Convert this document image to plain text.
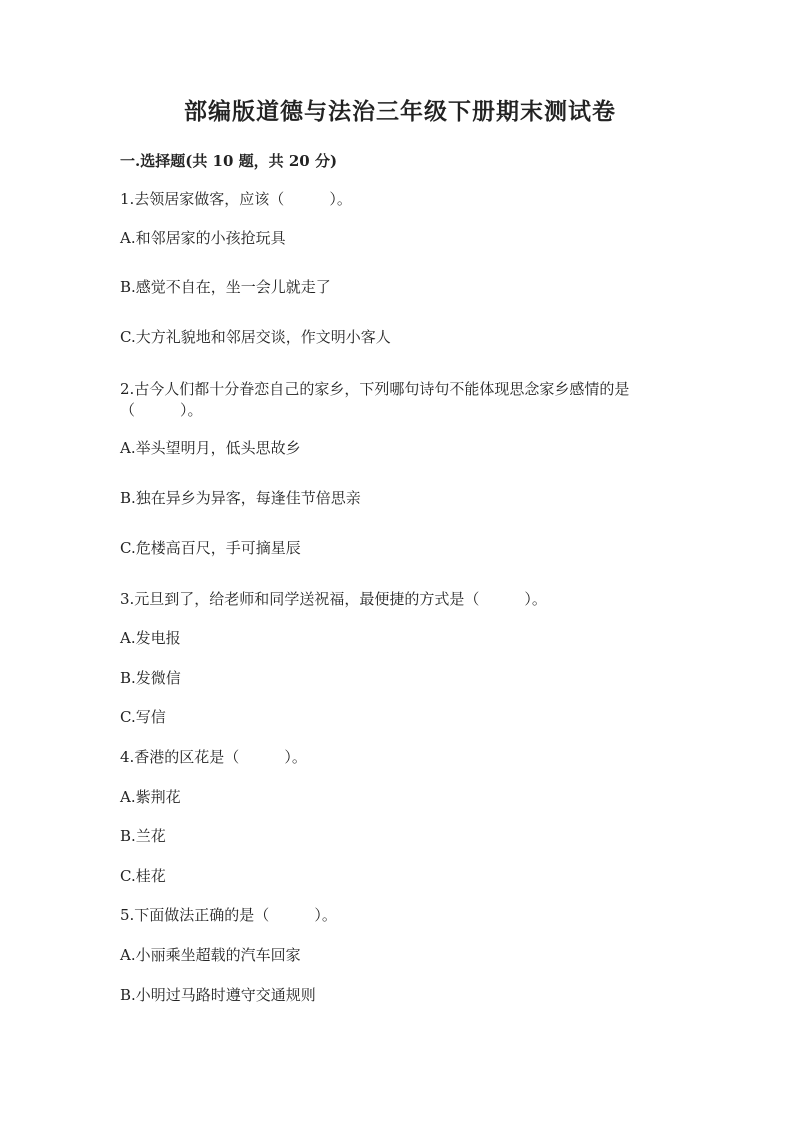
部编版道德与法治三年级下册期末测试卷
一.选择题(共 10 题，共 20 分)
1.去领居家做客，应该（　　　）。
A.和邻居家的小孩抢玩具
B.感觉不自在，坐一会儿就走了
C.大方礼貌地和邻居交谈，作文明小客人
2.古今人们都十分眷恋自己的家乡，下列哪句诗句不能体现思念家乡感情的是
（　　　）。
A.举头望明月，低头思故乡
B.独在异乡为异客，每逢佳节倍思亲
C.危楼高百尺，手可摘星辰
3.元旦到了，给老师和同学送祝福，最便捷的方式是（　　　）。
A.发电报
B.发微信
C.写信
4.香港的区花是（　　　）。
A.紫荆花
B.兰花
C.桂花
5.下面做法正确的是（　　　）。
A.小丽乘坐超载的汽车回家
B.小明过马路时遵守交通规则
